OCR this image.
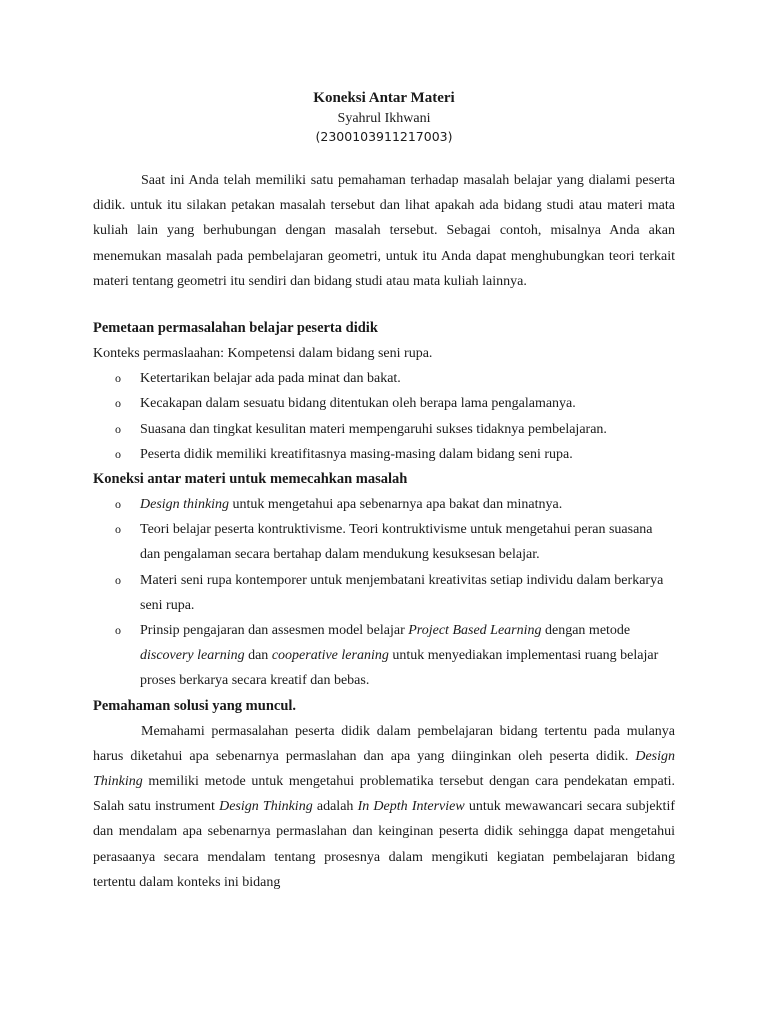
Koneksi Antar Materi
Syahrul Ikhwani
(2300103911217003)

Saat ini Anda telah memiliki satu pemahaman terhadap masalah belajar yang dialami peserta didik. untuk itu silakan petakan masalah tersebut dan lihat apakah ada bidang studi atau materi mata kuliah lain yang berhubungan dengan masalah tersebut. Sebagai contoh, misalnya Anda akan menemukan masalah pada pembelajaran geometri, untuk itu Anda dapat menghubungkan teori terkait materi tentang geometri itu sendiri dan bidang studi atau mata kuliah lainnya.

Pemetaan permasalahan belajar peserta didik

Konteks permaslaahan: Kompetensi dalam bidang seni rupa.

o Ketertarikan belajar ada pada minat dan bakat.
o Kecakapan dalam sesuatu bidang ditentukan oleh berapa lama pengalamanya.
o Suasana dan tingkat kesulitan materi mempengaruhi sukses tidaknya pembelajaran.
o Peserta didik memiliki kreatifitasnya masing-masing dalam bidang seni rupa.
Koneksi antar materi untuk memecahkan masalah
o Design thinking untuk mengetahui apa sebenarnya apa bakat dan minatnya.
o Teori belajar peserta kontruktivisme. Teori kontruktivisme untuk mengetahui peran suasana dan pengalaman secara bertahap dalam mendukung kesuksesan belajar.
o Materi seni rupa kontemporer untuk menjembatani kreativitas setiap individu dalam berkarya seni rupa.
o Prinsip pengajaran dan assesmen model belajar Project Based Learning dengan metode discovery learning dan cooperative leraning untuk menyediakan implementasi ruang belajar proses berkarya secara kreatif dan bebas.
Pemahaman solusi yang muncul.

Memahami permasalahan peserta didik dalam pembelajaran bidang tertentu pada mulanya harus diketahui apa sebenarnya permaslahan dan apa yang diinginkan oleh peserta didik. Design Thinking memiliki metode untuk mengetahui problematika tersebut dengan cara pendekatan empati. Salah satu instrument Design Thinking adalah In Depth Interview untuk mewawancari secara subjektif dan mendalam apa sebenarnya permaslahan dan keinginan peserta didik sehingga dapat mengetahui perasaanya secara mendalam tentang prosesnya dalam mengikuti kegiatan pembelajaran bidang tertentu dalam konteks ini bidang
